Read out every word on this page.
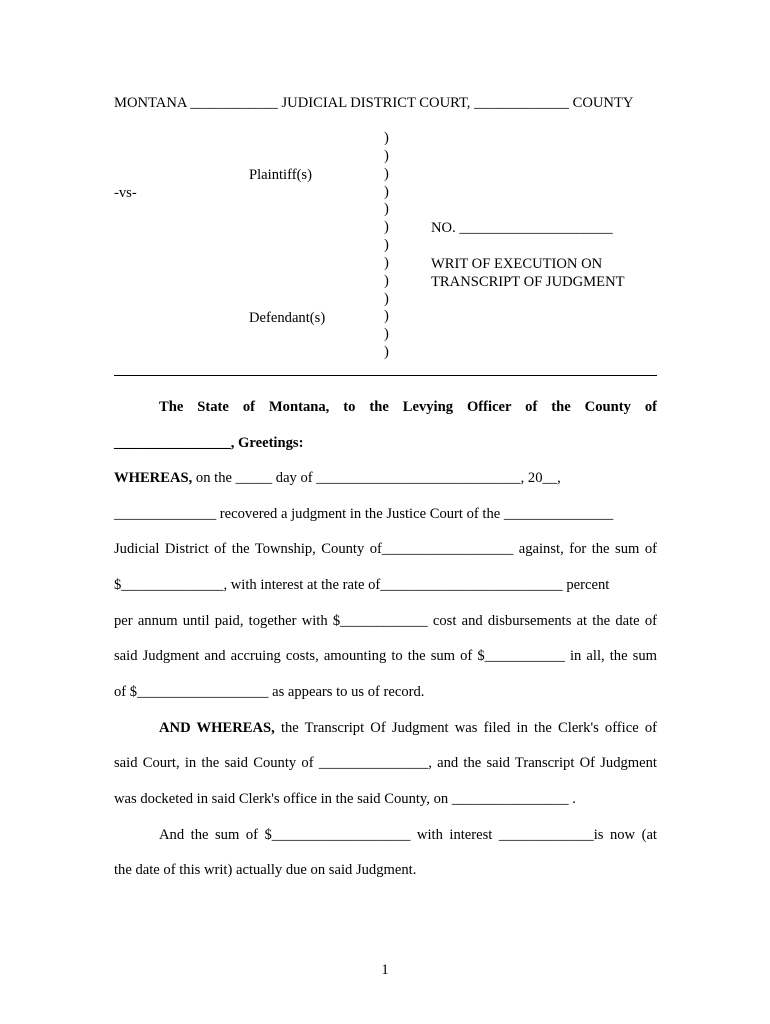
MONTANA ____________ JUDICIAL DISTRICT COURT, _____________ COUNTY
)
)
)
)
)
)
)
)
)
)
)
)
)
Plaintiff(s)
-vs-
Defendant(s)
NO. _____________________
WRIT OF EXECUTION ON
TRANSCRIPT OF JUDGMENT
The State of Montana, to the Levying Officer of the County of
________________, Greetings:
WHEREAS, on the _____ day of ____________________________, 20__,
______________ recovered a judgment in the Justice Court of the _______________
Judicial District of the Township, County of__________________ against, for the sum of
$______________, with interest at the rate of_________________________ percent
per annum until paid, together with $____________ cost and disbursements at the date of
said Judgment and accruing costs, amounting to the sum of $___________ in all, the sum
of $__________________ as appears to us of record.
AND WHEREAS, the Transcript Of Judgment was filed in the Clerk's office of
said Court, in the said County of _______________, and the said Transcript Of Judgment
was docketed in said Clerk's office in the said County, on ________________ .
And the sum of $___________________ with interest _____________is now (at
the date of this writ) actually due on said Judgment.
1
